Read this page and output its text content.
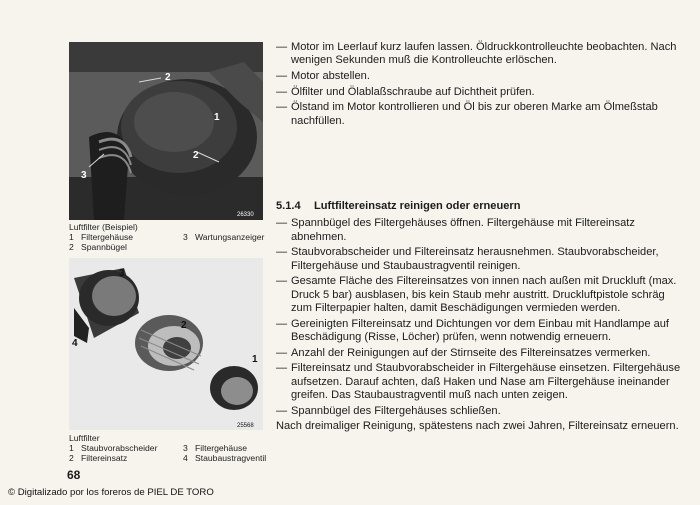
2
1
2
3
26330
Luftfilter (Beispiel)
1 Filtergehäuse	3 Wartungsanzeiger
2 Spannbügel
3
2
1
4
25568
Luftfilter
1 Staubvorabscheider	3 Filtergehäuse
2 Filtereinsatz	4 Staubaustragventil
— Motor im Leerlauf kurz laufen lassen. Öldruckkontrolleuchte beobachten. Nach wenigen Sekunden muß die Kontrolleuchte erlöschen.
— Motor abstellen.
— Ölfilter und Ölablaßschraube auf Dichtheit prüfen.
— Ölstand im Motor kontrollieren und Öl bis zur oberen Marke am Ölmeßstab nachfüllen.
5.1.4	Luftfiltereinsatz reinigen oder erneuern
— Spannbügel des Filtergehäuses öffnen. Filtergehäuse mit Filtereinsatz abnehmen.
— Staubvorabscheider und Filtereinsatz herausnehmen. Staubvorabscheider, Filtergehäuse und Staubaustragventil reinigen.
— Gesamte Fläche des Filtereinsatzes von innen nach außen mit Druckluft (max. Druck 5 bar) ausblasen, bis kein Staub mehr austritt. Druckluftpistole schräg zum Filterpapier halten, damit Beschädigungen vermieden werden.
— Gereinigten Filtereinsatz und Dichtungen vor dem Einbau mit Handlampe auf Beschädigung (Risse, Löcher) prüfen, wenn notwendig erneuern.
— Anzahl der Reinigungen auf der Stirnseite des Filtereinsatzes vermerken.
— Filtereinsatz und Staubvorabscheider in Filtergehäuse einsetzen. Filtergehäuse aufsetzen. Darauf achten, daß Haken und Nase am Filtergehäuse ineinander greifen. Das Staubaustragventil muß nach unten zeigen.
— Spannbügel des Filtergehäuses schließen.
Nach dreimaliger Reinigung, spätestens nach zwei Jahren, Filtereinsatz erneuern.
68
© Digitalizado por los foreros de PIEL DE TORO
